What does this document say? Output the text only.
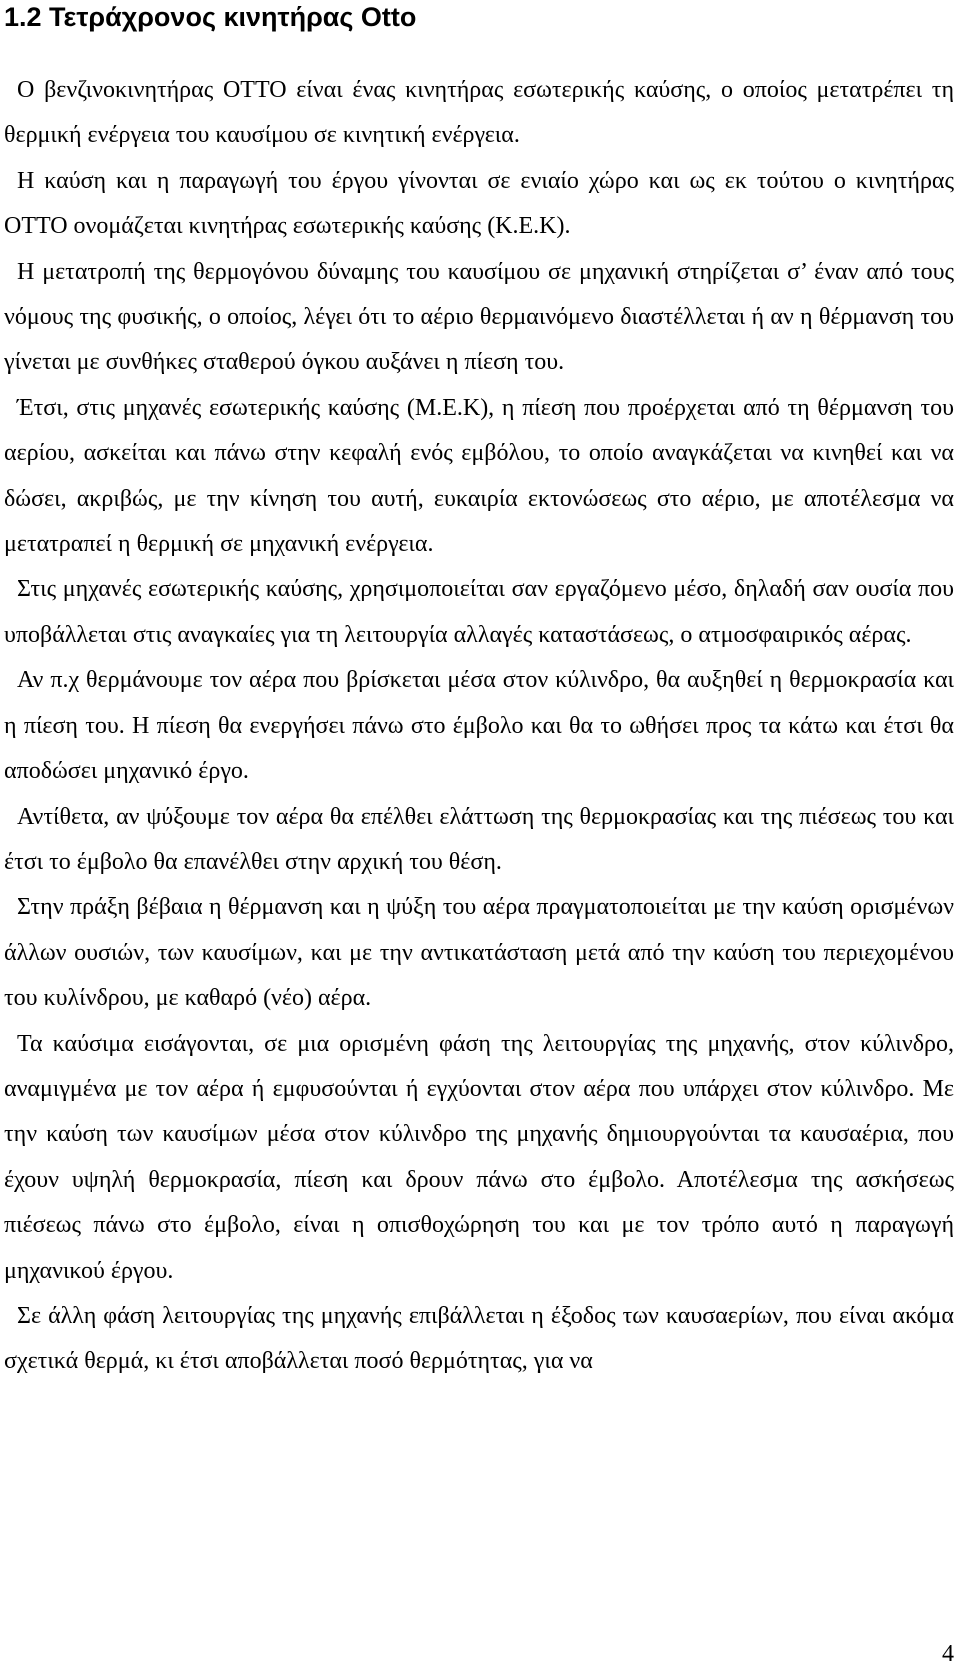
1.2 Τετράχρονος κινητήρας Otto

Ο βενζινοκινητήρας ΟΤΤΟ είναι ένας κινητήρας εσωτερικής καύσης, ο οποίος μετατρέπει τη θερμική ενέργεια του καυσίμου σε κινητική ενέργεια.

Η καύση και η παραγωγή του έργου γίνονται σε ενιαίο χώρο και ως εκ τούτου ο κινητήρας ΟΤΤΟ ονομάζεται κινητήρας εσωτερικής καύσης (Κ.Ε.Κ).

Η μετατροπή της θερμογόνου δύναμης του καυσίμου σε μηχανική στηρίζεται σ’ έναν από τους νόμους της φυσικής, ο οποίος, λέγει ότι το αέριο θερμαινόμενο διαστέλλεται ή αν η θέρμανση του γίνεται με συνθήκες σταθερού όγκου αυξάνει η πίεση του.

Έτσι, στις μηχανές εσωτερικής καύσης (Μ.Ε.Κ), η πίεση που προέρχεται από τη θέρμανση του αερίου, ασκείται και πάνω στην κεφαλή ενός εμβόλου, το οποίο αναγκάζεται να κινηθεί και να δώσει, ακριβώς, με την κίνηση του αυτή, ευκαιρία εκτονώσεως στο αέριο, με αποτέλεσμα να μετατραπεί η θερμική σε μηχανική ενέργεια.

Στις μηχανές εσωτερικής καύσης, χρησιμοποιείται σαν εργαζόμενο μέσο, δηλαδή σαν ουσία που υποβάλλεται στις αναγκαίες για τη λειτουργία αλλαγές καταστάσεως, ο ατμοσφαιρικός αέρας.

Αν π.χ θερμάνουμε τον αέρα που βρίσκεται μέσα στον κύλινδρο, θα αυξηθεί η θερμοκρασία και η πίεση του. Η πίεση θα ενεργήσει πάνω στο έμβολο και θα το ωθήσει προς τα κάτω και έτσι θα αποδώσει μηχανικό έργο.

Αντίθετα, αν ψύξουμε τον αέρα θα επέλθει ελάττωση της θερμοκρασίας και της πιέσεως του και έτσι το έμβολο θα επανέλθει στην αρχική του θέση.

Στην πράξη βέβαια η θέρμανση και η ψύξη του αέρα πραγματοποιείται με την καύση ορισμένων άλλων ουσιών, των καυσίμων, και με την αντικατάσταση μετά από την καύση του περιεχομένου του κυλίνδρου, με καθαρό (νέο) αέρα.

Τα καύσιμα εισάγονται, σε μια ορισμένη φάση της λειτουργίας της μηχανής, στον κύλινδρο, αναμιγμένα με τον αέρα ή εμφυσούνται ή εγχύονται στον αέρα που υπάρχει στον κύλινδρο. Με την καύση των καυσίμων μέσα στον κύλινδρο της μηχανής δημιουργούνται τα καυσαέρια, που έχουν υψηλή θερμοκρασία, πίεση και δρουν πάνω στο έμβολο. Αποτέλεσμα της ασκήσεως πιέσεως πάνω στο έμβολο, είναι η οπισθοχώρηση του και με τον τρόπο αυτό η παραγωγή μηχανικού έργου.

Σε άλλη φάση λειτουργίας της μηχανής επιβάλλεται η έξοδος των καυσαερίων, που είναι ακόμα σχετικά θερμά, κι έτσι αποβάλλεται ποσό θερμότητας, για να

4
